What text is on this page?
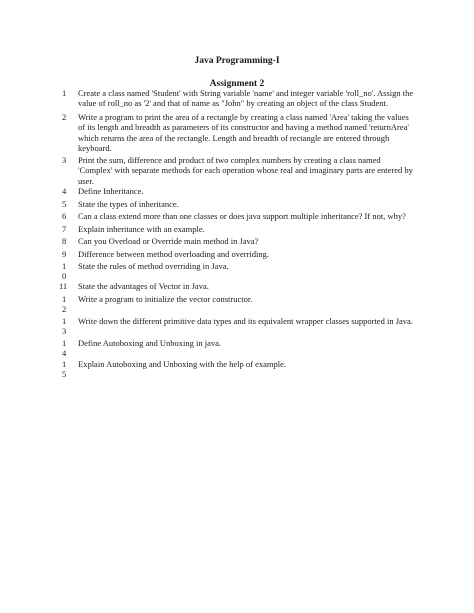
Java Programming-I
Assignment 2
1 Create a class named 'Student' with String variable 'name' and integer variable 'roll_no'. Assign the
value of roll_no as '2' and that of name as "John" by creating an object of the class Student.
2 Write a program to print the area of a rectangle by creating a class named 'Area' taking the values
of its length and breadth as parameters of its constructor and having a method named 'returnArea'
which returns the area of the rectangle. Length and breadth of rectangle are entered through
keyboard.
3 Print the sum, difference and product of two complex numbers by creating a class named
'Complex' with separate methods for each operation whose real and imaginary parts are entered by
user.
4 Define Inheritance.
5 State the types of inheritance.
6 Can a class extend more than one classes or does java support multiple inheritance? If not, why?
7 Explain inheritance with an example.
8 Can you Overload or Override main method in Java?
9 Difference between method overloading and overriding.
1
0
State the rules of method overriding in Java.
11 State the advantages of Vector in Java.
1
2
Write a program to initialize the vector constructor.
1
3
Write down the different primitive data types and its equivalent wrapper classes supported in Java.
1
4
Define Autoboxing and Unboxing in java.
1
5
Explain Autoboxing and Unboxing with the help of example.
